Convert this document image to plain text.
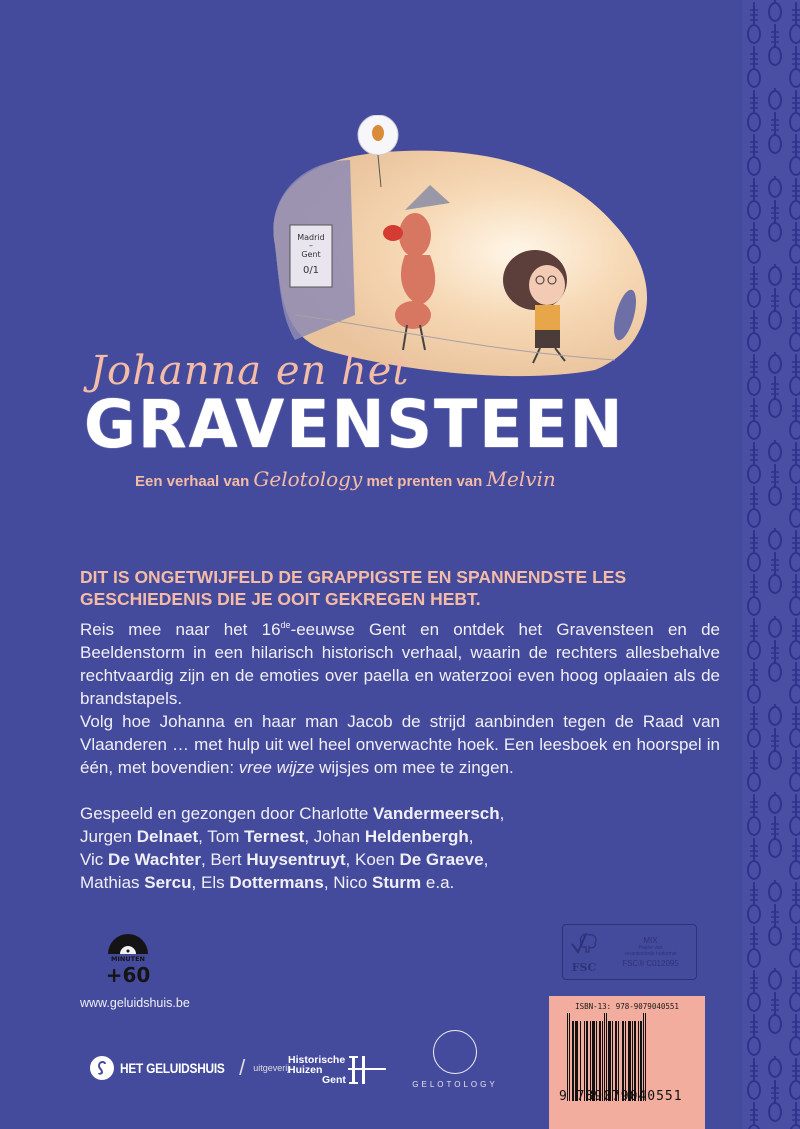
Madrid
–
Gent
0/1
Johanna en het
GRAVENSTEEN
Een verhaal van Gelotology met prenten van Melvin
DIT IS ONGETWIJFELD DE GRAPPIGSTE EN SPANNENDSTE LES GESCHIEDENIS DIE JE OOIT GEKREGEN HEBT.
Reis mee naar het 16de-eeuwse Gent en ontdek het Gravensteen en de Beeldenstorm in een hilarisch historisch verhaal, waarin de rechters allesbehalve rechtvaardig zijn en de emoties over paella en waterzooi even hoog oplaaien als de brandstapels.
Volg hoe Johanna en haar man Jacob de strijd aanbinden tegen de Raad van Vlaanderen … met hulp uit wel heel onverwachte hoek. Een leesboek en hoorspel in één, met bovendien: vree wijze wijsjes om mee te zingen.
Gespeeld en gezongen door Charlotte Vandermeersch,
Jurgen Delnaet, Tom Ternest, Johan Heldenbergh,
Vic De Wachter, Bert Huysentruyt, Koen De Graeve,
Mathias Sercu, Els Dottermans, Nico Sturm e.a.
MINUTEN
+60
www.geluidshuis.be
HET GELUIDSHUIS / uitgeverij
Historische
Huizen
Gent	GELOTOLOGY
FSC
MIX
Papier van
verantwoorde herkomst
FSC® C012095
ISBN-13: 978-9079040551
9 789079040551
